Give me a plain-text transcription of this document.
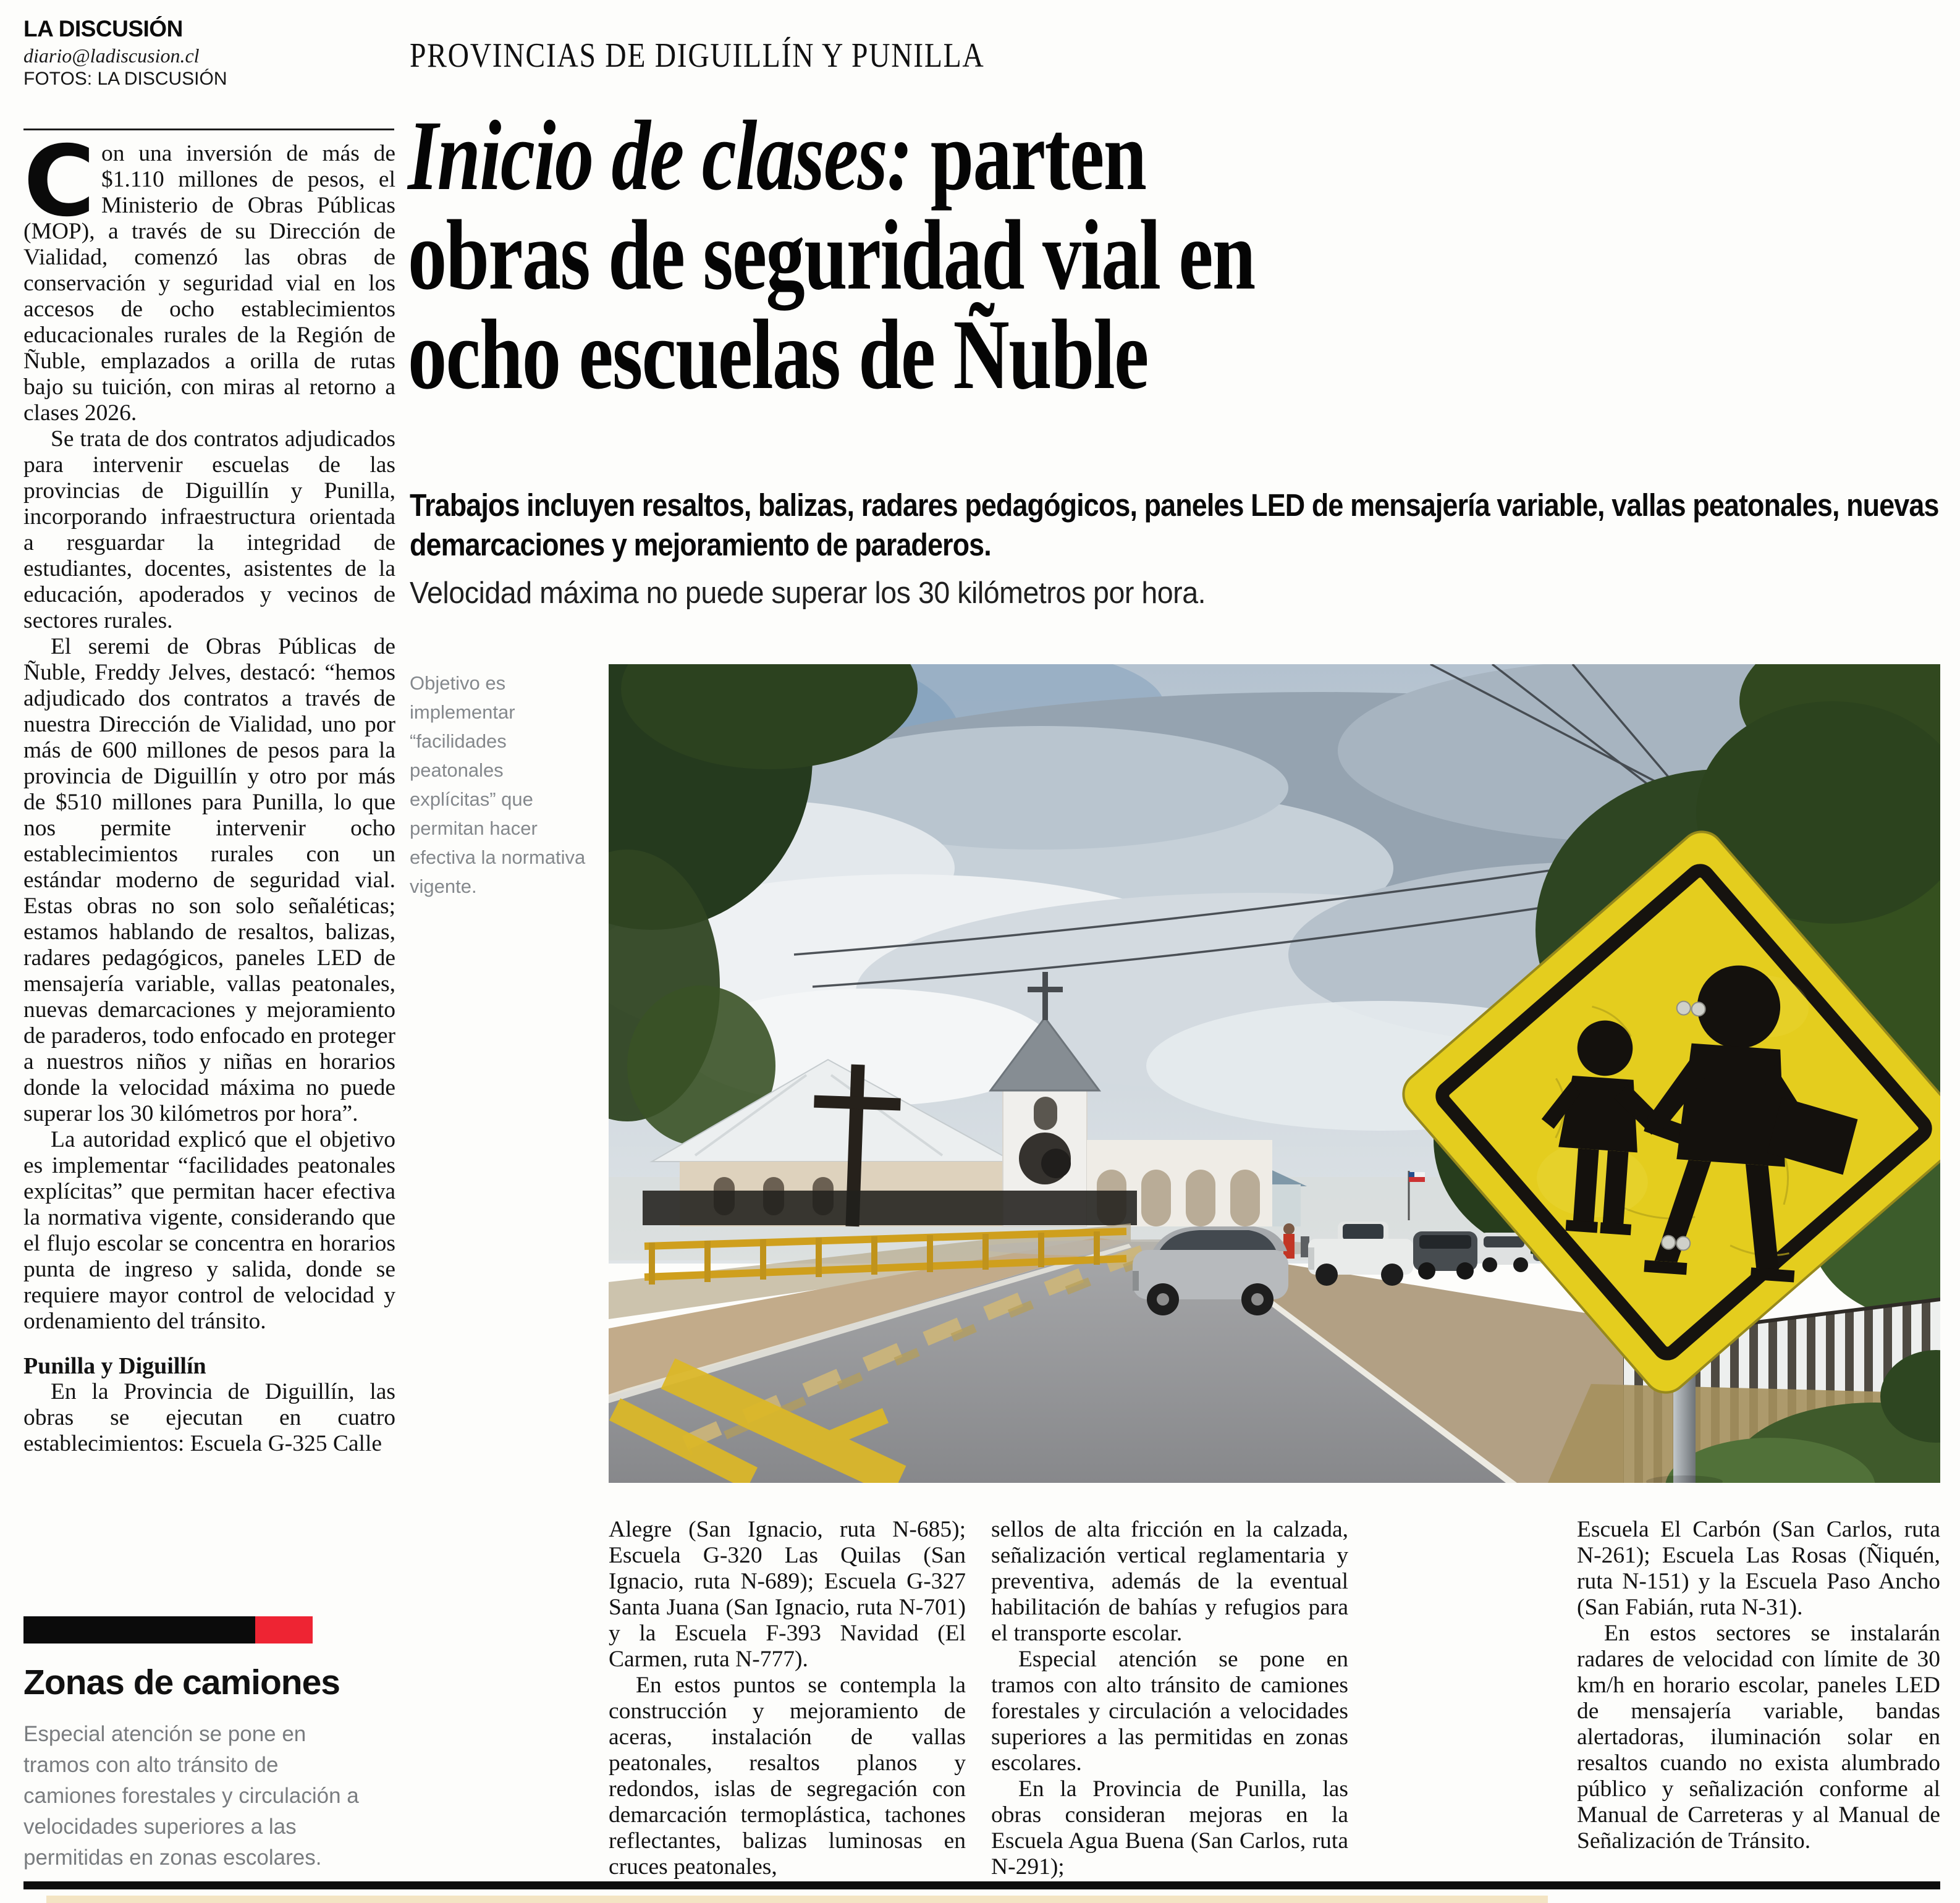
LA DISCUSIÓN
diario@ladiscusion.cl
FOTOS: LA DISCUSIÓN
PROVINCIAS DE DIGUILLÍN Y PUNILLA
Inicio de clases: parten
obras de seguridad vial en
ocho escuelas de Ñuble

Trabajos incluyen resaltos, balizas, radares pedagógicos, paneles LED de mensajería variable, vallas peatonales, nuevas demarcaciones y mejoramiento de paraderos.

Velocidad máxima no puede superar los 30 kilómetros por hora.

Objetivo es implementar “facilidades peatonales explícitas” que permitan hacer efectiva la normativa vigente.

Con una inversión de más de $1.110 millones de pesos, el Ministerio de Obras Públicas (MOP), a través de su Dirección de Vialidad, comenzó las obras de conservación y seguridad vial en los accesos de ocho establecimientos educacionales rurales de la Región de Ñuble, emplazados a orilla de rutas bajo su tuición, con miras al retorno a clases 2026.

Se trata de dos contratos adjudicados para intervenir escuelas de las provincias de Diguillín y Punilla, incorporando infraestructura orientada a resguardar la integridad de estudiantes, docentes, asistentes de la educación, apoderados y vecinos de sectores rurales.

El seremi de Obras Públicas de Ñuble, Freddy Jelves, destacó: “hemos adjudicado dos contratos a través de nuestra Dirección de Vialidad, uno por más de 600 millones de pesos para la provincia de Diguillín y otro por más de $510 millones para Punilla, lo que nos permite intervenir ocho establecimientos rurales con un estándar moderno de seguridad vial. Estas obras no son solo señaléticas; estamos hablando de resaltos, balizas, radares pedagógicos, paneles LED de mensajería variable, vallas peatonales, nuevas demarcaciones y mejoramiento de paraderos, todo enfocado en proteger a nuestros niños y niñas en horarios donde la velocidad máxima no puede superar los 30 kilómetros por hora”.

La autoridad explicó que el objetivo es implementar “facilidades peatonales explícitas” que permitan hacer efectiva la normativa vigente, considerando que el flujo escolar se concentra en horarios punta de ingreso y salida, donde se requiere mayor control de velocidad y ordenamiento del tránsito.

Punilla y Diguillín

En la Provincia de Diguillín, las obras se ejecutan en cuatro establecimientos: Escuela G-325 Calle

Alegre (San Ignacio, ruta N-685); Escuela G-320 Las Quilas (San Ignacio, ruta N-689); Escuela G-327 Santa Juana (San Ignacio, ruta N-701) y la Escuela F-393 Navidad (El Carmen, ruta N-777).

En estos puntos se contempla la construcción y mejoramiento de aceras, instalación de vallas peatonales, resaltos planos y redondos, islas de segregación con demarcación termoplástica, tachones reflectantes, balizas luminosas en cruces peatonales,

sellos de alta fricción en la calzada, señalización vertical reglamentaria y preventiva, además de la eventual habilitación de bahías y refugios para el transporte escolar.

Especial atención se pone en tramos con alto tránsito de camiones forestales y circulación a velocidades superiores a las permitidas en zonas escolares.

En la Provincia de Punilla, las obras consideran mejoras en la Escuela Agua Buena (San Carlos, ruta N-291);

Escuela El Carbón (San Carlos, ruta N-261); Escuela Las Rosas (Ñiquén, ruta N-151) y la Escuela Paso Ancho (San Fabián, ruta N-31).

En estos sectores se instalarán radares de velocidad con límite de 30 km/h en horario escolar, paneles LED de mensajería variable, bandas alertadoras, iluminación solar en resaltos cuando no exista alumbrado público y señalización conforme al Manual de Carreteras y al Manual de Señalización de Tránsito.

Zonas de camiones

Especial atención se pone en tramos con alto tránsito de camiones forestales y circulación a velocidades superiores a las permitidas en zonas escolares.
